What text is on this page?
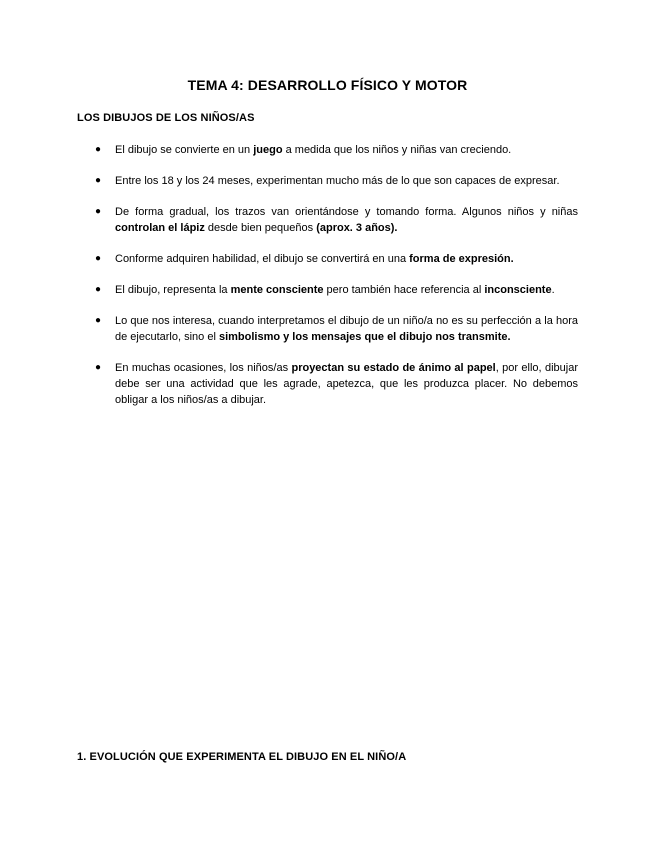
TEMA 4: DESARROLLO FÍSICO Y MOTOR
LOS DIBUJOS DE LOS NIÑOS/AS
● El dibujo se convierte en un juego a medida que los niños y niñas van creciendo.
● Entre los 18 y los 24 meses, experimentan mucho más de lo que son capaces de expresar.
● De forma gradual, los trazos van orientándose y tomando forma. Algunos niños y niñas controlan el lápiz desde bien pequeños (aprox. 3 años).
● Conforme adquiren habilidad, el dibujo se convertirá en una forma de expresión.
● El dibujo, representa la mente consciente pero también hace referencia al inconsciente.
● Lo que nos interesa, cuando interpretamos el dibujo de un niño/a no es su perfección a la hora de ejecutarlo, sino el simbolismo y los mensajes que el dibujo nos transmite.
● En muchas ocasiones, los niños/as proyectan su estado de ánimo al papel, por ello, dibujar debe ser una actividad que les agrade, apetezca, que les produzca placer. No debemos obligar a los niños/as a dibujar.
1. EVOLUCIÓN QUE EXPERIMENTA EL DIBUJO EN EL NIÑO/A
